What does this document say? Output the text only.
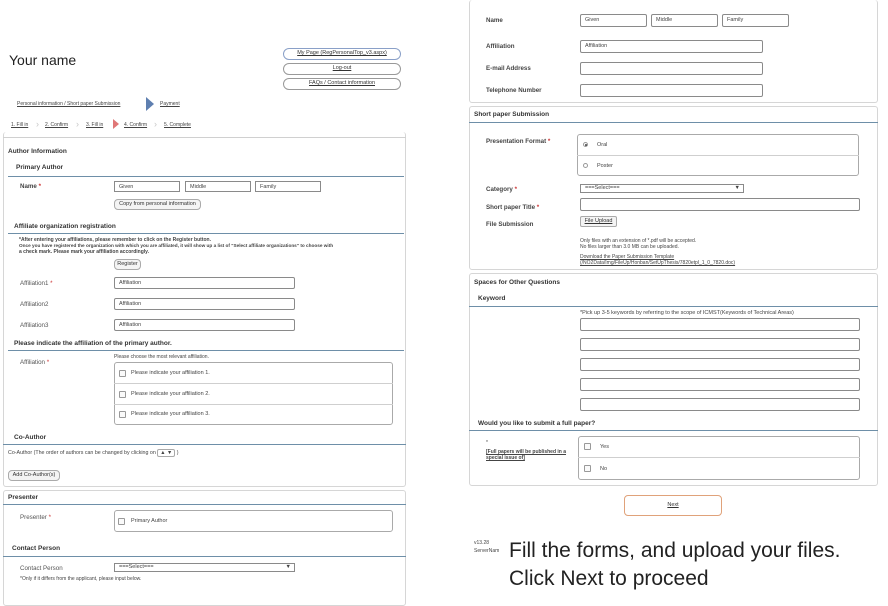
Your name	My Page (RegPersonalTop_v3.aspx)
Log-out
FAQs / Contact information
Personal information / Short paper Submission	Payment
1. Fill in ›	2. Confirm ›	3. Fill in	4. Confirm ›	5. Complete
Author Information
Primary Author
Name *	Given	Middle	Family
Copy from personal information
Affiliate organization registration
*After entering your affiliations, please remember to click on the Register button.
Once you have registered the organization with which you are affiliated, it will show up a list of "Select affiliate organizations" to choose with
a check mark. Please mark your affiliation accordingly.
Register
Affiliation1 *	Affiliation
Affiliation2	Affiliation
Affiliation3	Affiliation
Please indicate the affiliation of the primary author.
Affiliation *
Please choose the most relevant affiliation.
Please indicate your affiliation 1.
Please indicate your affiliation 2.
Please indicate your affiliation 3.
Co-Author
Co-Author (The order of authors can be changed by clicking on ▲ ▼ )
Add Co-Author(s)
Presenter
Presenter *	Primary Author
Contact Person
Contact Person	===Select===	▼
*Only if it differs from the applicant, please input below.
Name	Given	Middle	Family
Affiliation	Affiliation
E-mail Address
Telephone Number
Short paper Submission
Presentation Format *	Oral
Poster
Category *	===Select===	▼
Short paper Title *
File Submission	File Upload
Only files with an extension of *.pdf will be accepted.
No files larger than 3.0 MB can be uploaded.
Download the Paper Submission Template
(/NO2Data/Img/FileUp/Honban/SetUpThesis/7820etpl_1_0_7820.doc)
Spaces for Other Questions
Keyword
*Pick up 3-5 keywords by referring to the scope of ICMST(Keywords of Technical Areas)
Would you like to submit a full paper?
*
[Full papers will be published in a special issue of]
Yes
No
Next
v13.28
ServerNam Fill the forms, and upload your files.
Click Next to proceed
